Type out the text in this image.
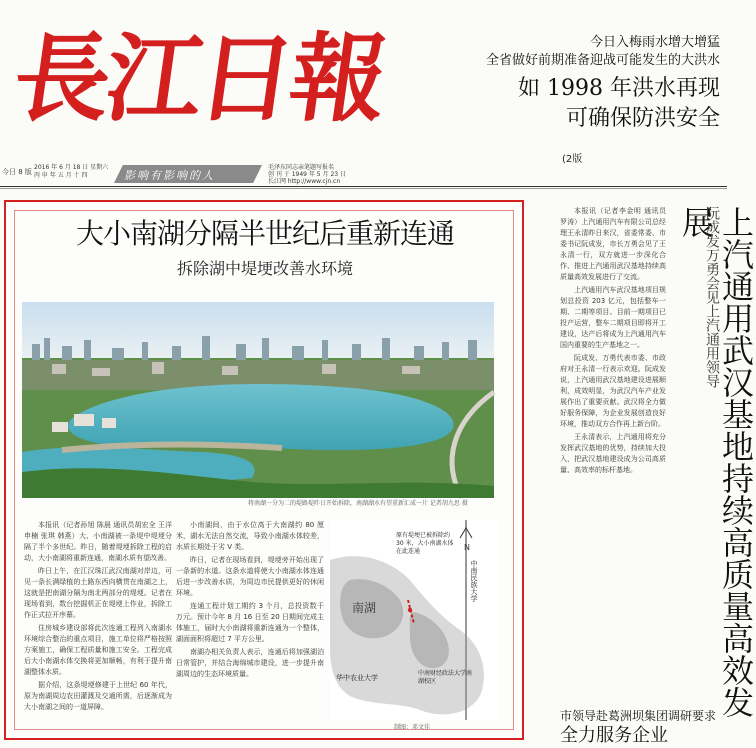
長江日報	今日入梅雨水增大增猛
全省做好前期准备迎战可能发生的大洪水
如 1998 年洪水再现
可确保防洪安全
(2版
今日 8 版
2016 年 6 月 18 日 星期六
丙 申 年 五 月 十 四	影响有影响的人
毛泽东同志亲笔题写报名
创 刊 于 1949 年 5 月 23 日
长江网 http://www.cjn.cn
大小南湖分隔半世纪后重新连通
拆除湖中堤埂改善水环境
将南湖一分为二的堤路堤昨日开始拆除，南湖湖水有望重新汇成一片 记者胡九思 摄

本报讯（记者孙旭 陈晨 通讯员胡宏全 王洋 申楠 张琪 韩燕）大、小南湖被一条堤中堤埂分隔了半个多世纪。昨日，随着堤埂拆除工程的启动，大小南湖将重新连通，南湖水质有望改善。

昨日上午，在江汉珠江武汉南湖对岸边，可见一条长满绿植的土路东西向横贯在南湖之上，这就是把南湖分隔为南北两部分的堤埂。记者在现场看到，数台挖掘机正在堤埂上作业，拆除工作正式拉开序幕。

住房城乡建设部将此次连通工程列入南湖水环境综合整治的重点项目，施工单位将严格按照方案施工，确保工程质量和施工安全。工程完成后大小南湖水体交换将更加顺畅，有利于提升南湖整体水质。

据介绍，这条堤埂修建于上世纪 60 年代，原为南湖周边农田灌溉及交通所需，后逐渐成为大小南湖之间的一道屏障。

小南湖间，由于水位高于大南湖约 80 厘米，湖水无法自然交流，导致小南湖水体较差，水质长期处于劣 V 类。

昨日，记者在现场看到，堤埂旁开始出现了一条新的水道。这条水道将使大小南湖水体连通后进一步改善水质，为周边市民提供更好的休闲环境。

连通工程计划工期约 3 个月，总投资数千万元。预计今年 8 月 16 日至 20 日期间完成主体施工，届时大小南湖将重新连通为一个整体，湖面面积将超过 7 平方公里。

南湖办相关负责人表示，连通后将加强湖泊日常管护，并结合海绵城市建设，进一步提升南湖周边的生态环境质量。

N
南湖
原有堤埂已被拆除约 30 米，大小南湖水体在此连通
中南民族大学
华中农业大学
中南财经政法大学南湖校区
制图：邓文佳
上汽通用武汉基地持续高质量高效发展
阮成发万勇会见上汽通用领导

本报讯（记者李金明 通讯员罗涛）上汽通用汽车有限公司总经理王永清昨日来汉，省委常委、市委书记阮成发，市长万勇会见了王永清一行，双方就进一步深化合作、推进上汽通用武汉基地持续高质量高效发展进行了交流。

上汽通用汽车武汉基地项目规划总投资 203 亿元，包括整车一期、二期等项目。目前一期项目已投产运营，整车二期项目即将开工建设，达产后将成为上汽通用汽车国内重要的生产基地之一。

阮成发、万勇代表市委、市政府对王永清一行表示欢迎。阮成发说，上汽通用武汉基地建设进展顺利，成效明显，为武汉汽车产业发展作出了重要贡献。武汉将全力做好服务保障，为企业发展创造良好环境，推动双方合作再上新台阶。

王永清表示，上汽通用将充分发挥武汉基地的优势，持续加大投入，把武汉基地建设成为公司高质量、高效率的标杆基地。

市领导赴葛洲坝集团调研要求
全力服务企业
